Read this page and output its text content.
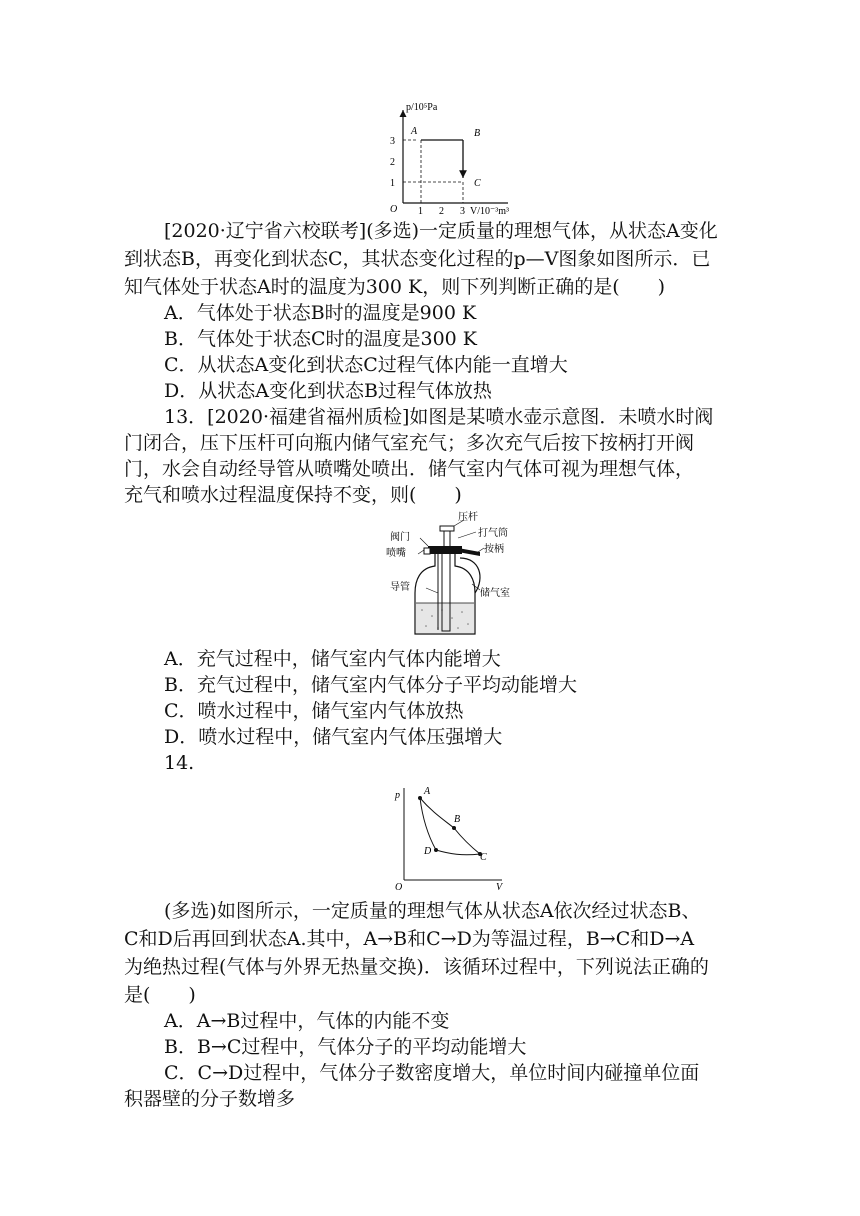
p/10⁵Pa
V/10⁻³m³
O
1
2
3
1 2 3
A	B
C
[2020·辽宁省六校联考](多选)一定质量的理想气体，从状态A变化
到状态B，再变化到状态C，其状态变化过程的p—V图象如图所示．已
知气体处于状态A时的温度为300 K，则下列判断正确的是(　　)
A．气体处于状态B时的温度是900 K
B．气体处于状态C时的温度是300 K
C．从状态A变化到状态C过程气体内能一直增大
D．从状态A变化到状态B过程气体放热
13．[2020·福建省福州质检]如图是某喷水壶示意图．未喷水时阀
门闭合，压下压杆可向瓶内储气室充气；多次充气后按下按柄打开阀
门，水会自动经导管从喷嘴处喷出．储气室内气体可视为理想气体，
充气和喷水过程温度保持不变，则(　　)
压杆
阀门	打气筒
喷嘴	按柄
导管
储气室
A．充气过程中，储气室内气体内能增大
B．充气过程中，储气室内气体分子平均动能增大
C．喷水过程中，储气室内气体放热
D．喷水过程中，储气室内气体压强增大
14.
p
V
O
A
B
C
D
(多选)如图所示，一定质量的理想气体从状态A依次经过状态B、
C和D后再回到状态A.其中，A→B和C→D为等温过程，B→C和D→A
为绝热过程(气体与外界无热量交换)．该循环过程中，下列说法正确的
是(　　)
A．A→B过程中，气体的内能不变
B．B→C过程中，气体分子的平均动能增大
C．C→D过程中，气体分子数密度增大，单位时间内碰撞单位面
积器壁的分子数增多
